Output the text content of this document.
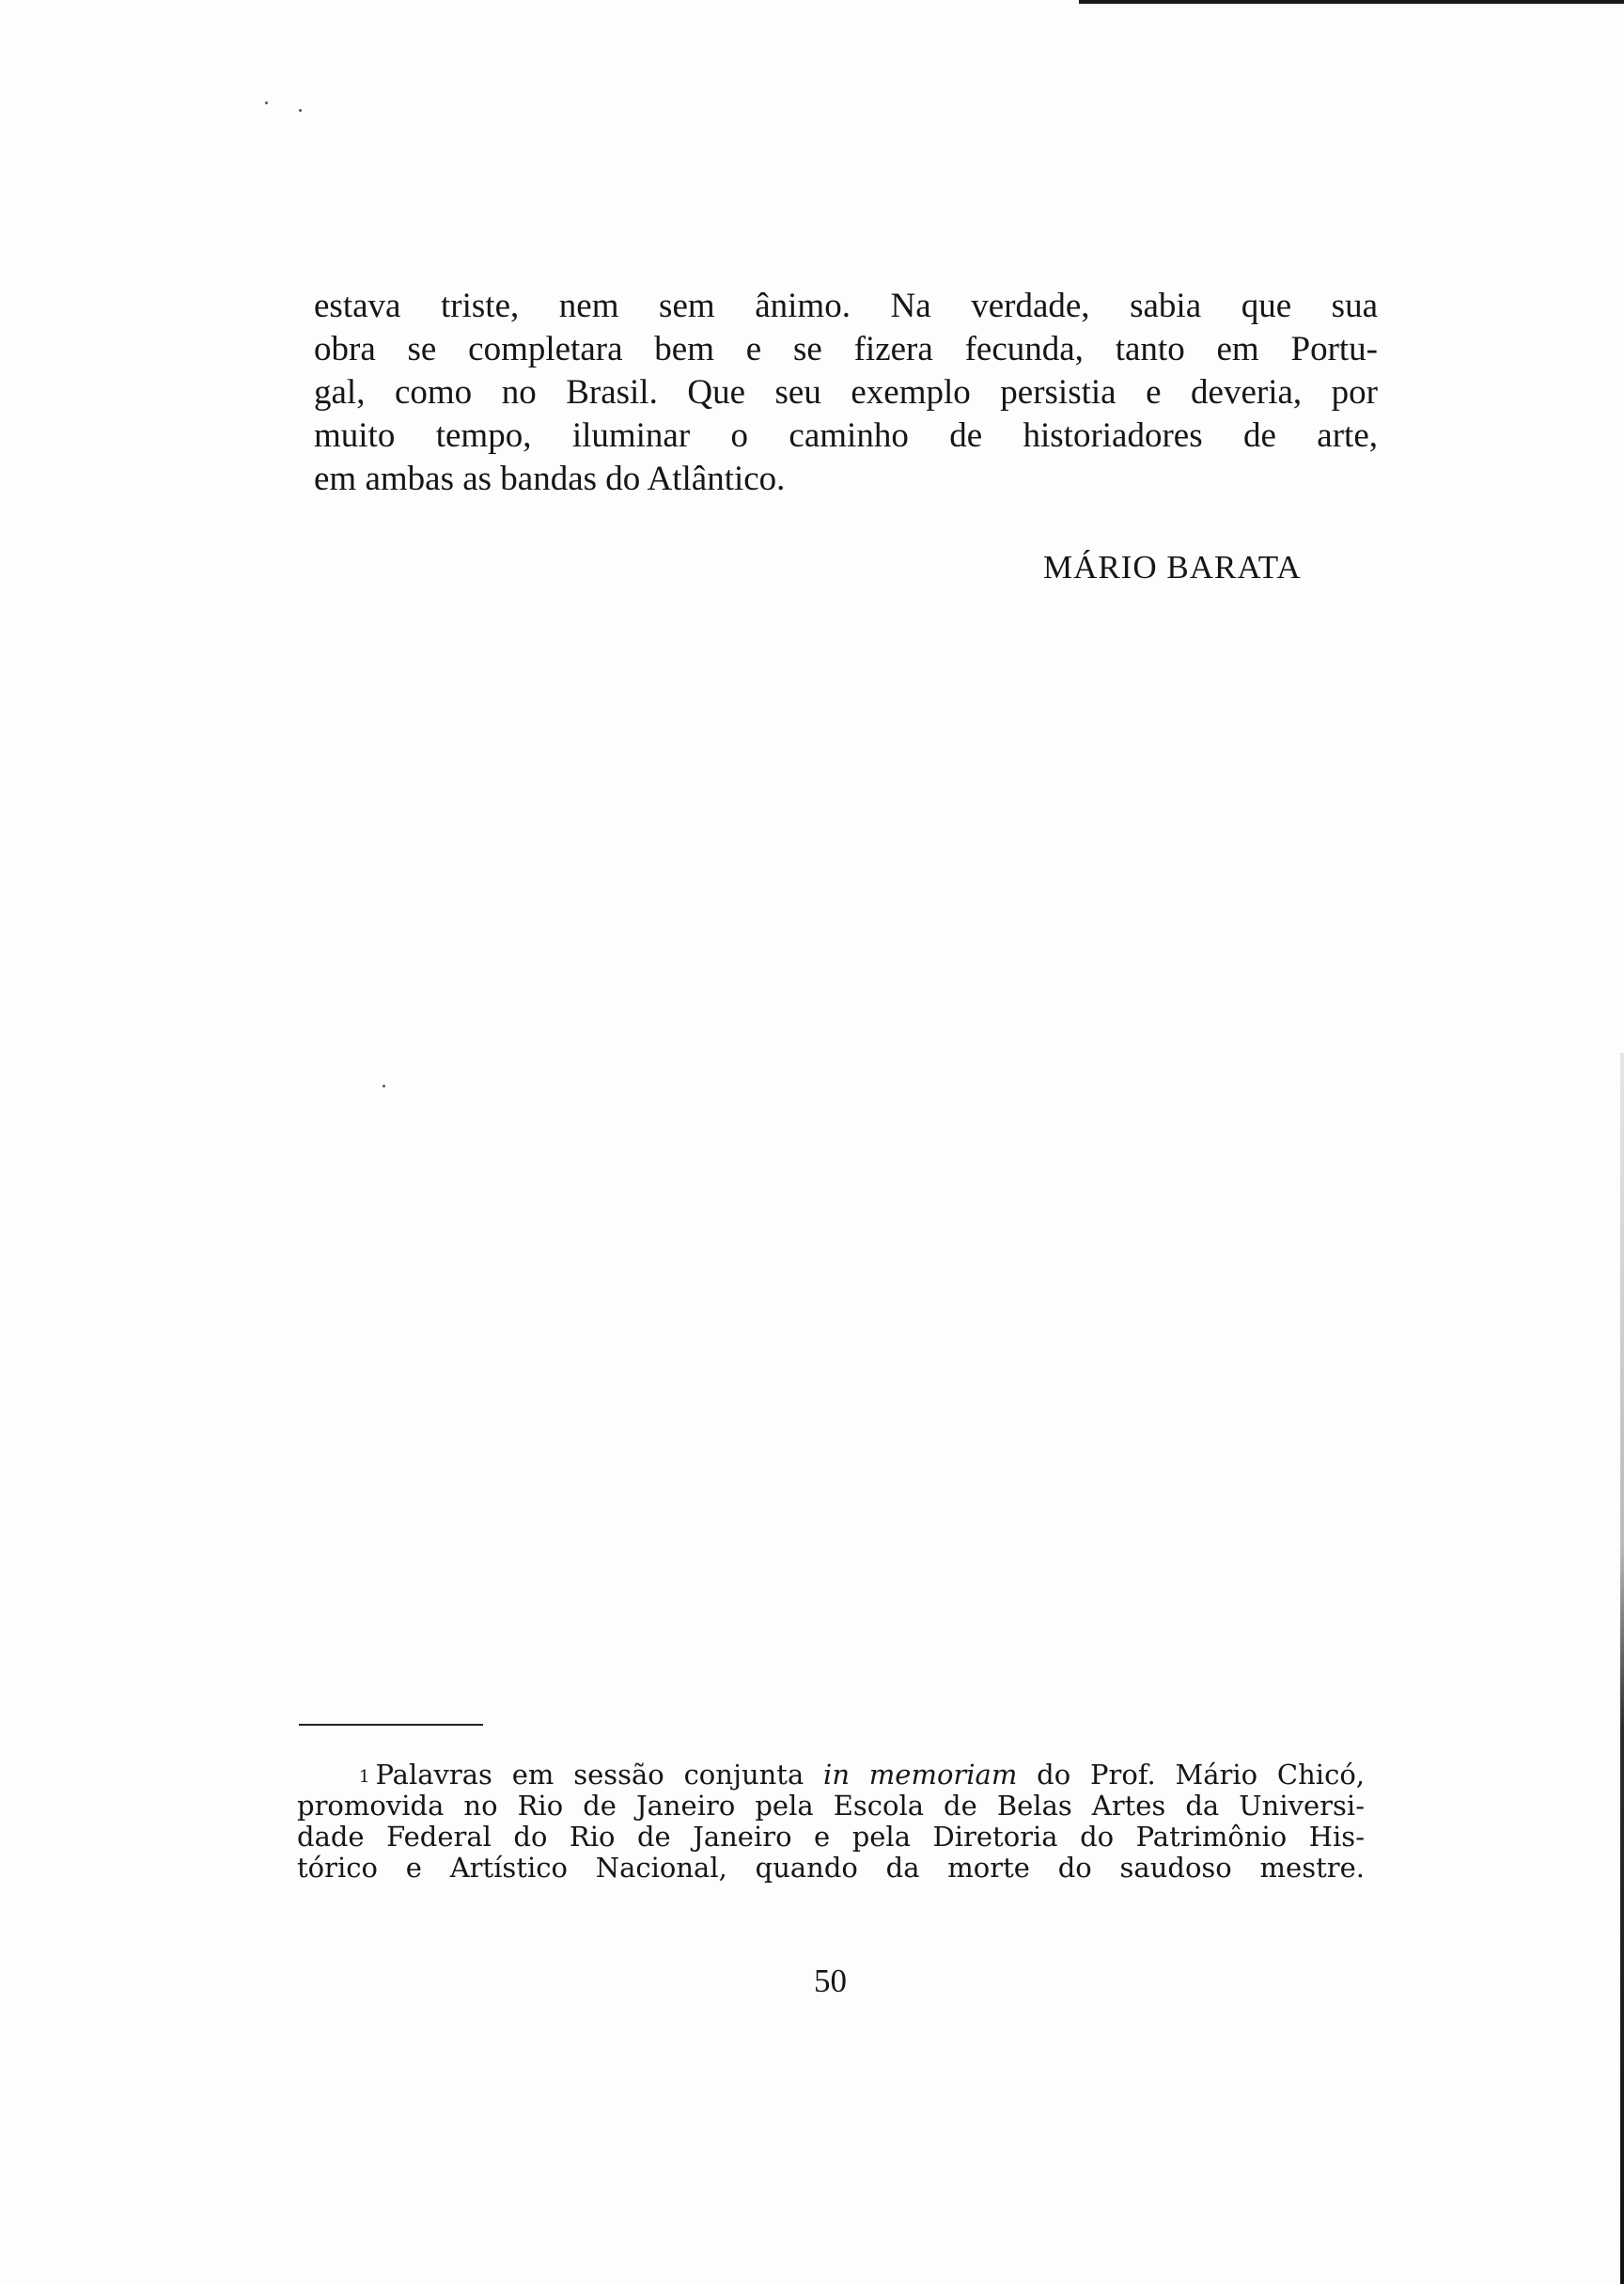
estava triste, nem sem ânimo. Na verdade, sabia que sua
obra se completara bem e se fizera fecunda, tanto em Portu-
gal, como no Brasil. Que seu exemplo persistia e deveria, por
muito tempo, iluminar o caminho de historiadores de arte,
em ambas as bandas do Atlântico.

MÁRIO BARATA

$^1$ Palavras em sessão conjunta in memoriam do Prof. Mário Chicó,
promovida no Rio de Janeiro pela Escola de Belas Artes da Universi-
dade Federal do Rio de Janeiro e pela Diretoria do Patrimônio His-
tórico e Artístico Nacional, quando da morte do saudoso mestre.

50
